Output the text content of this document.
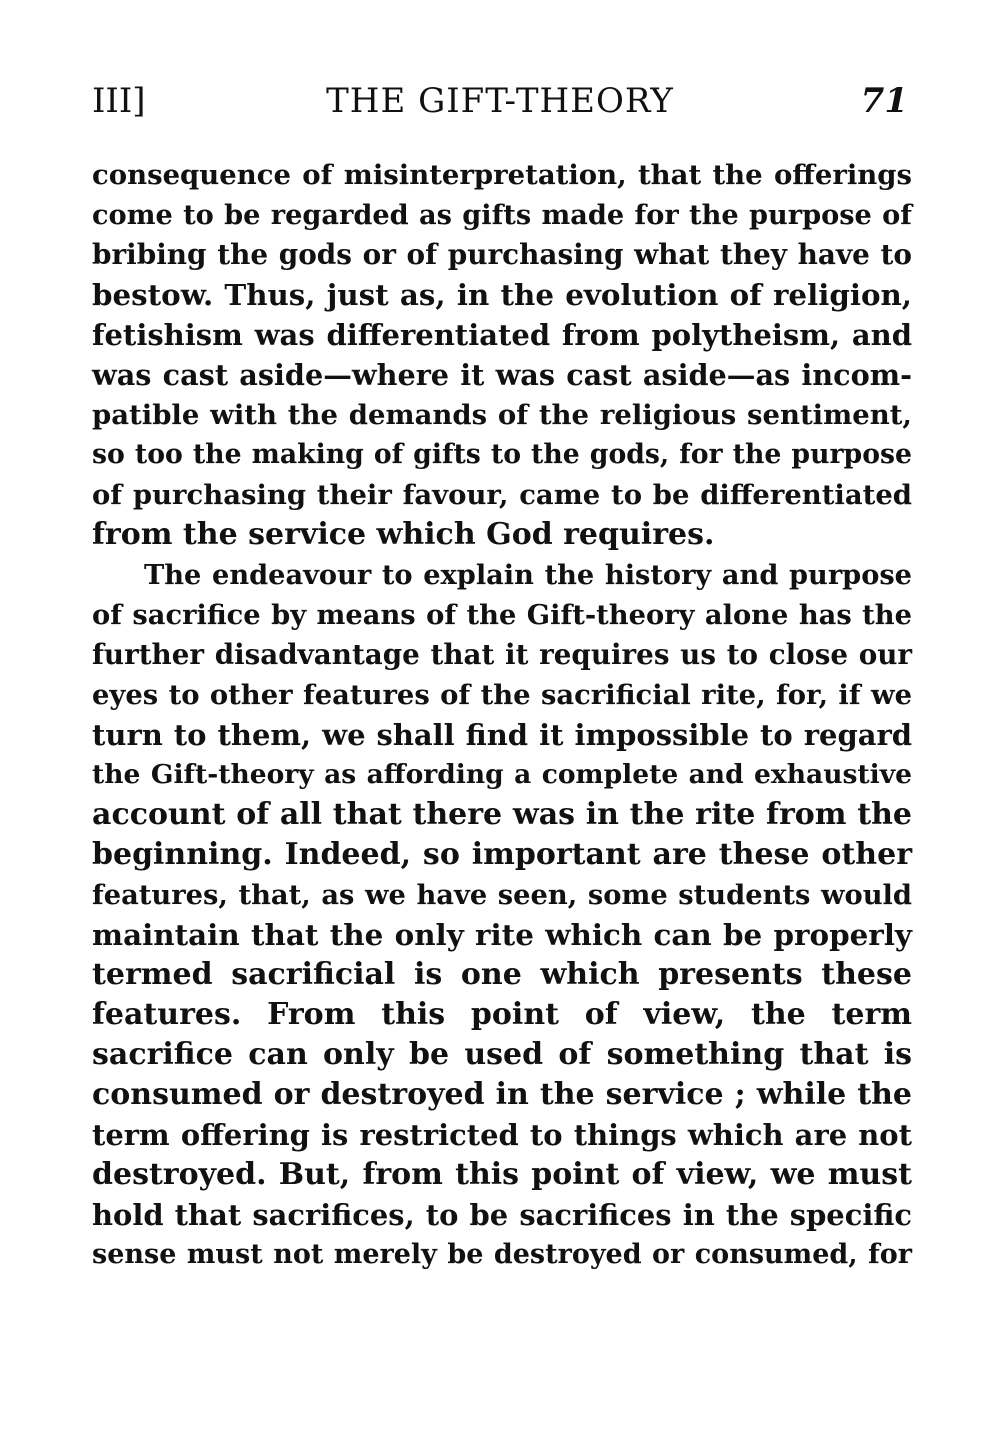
III]	THE GIFT-THEORY	71
consequence of misinterpretation, that the offerings
come to be regarded as gifts made for the purpose of
bribing the gods or of purchasing what they have to
bestow. Thus, just as, in the evolution of religion,
fetishism was differentiated from polytheism, and
was cast aside—where it was cast aside—as incom-
patible with the demands of the religious sentiment,
so too the making of gifts to the gods, for the purpose
of purchasing their favour, came to be differentiated
from the service which God requires.
The endeavour to explain the history and purpose
of sacrifice by means of the Gift-theory alone has the
further disadvantage that it requires us to close our
eyes to other features of the sacrificial rite, for, if we
turn to them, we shall find it impossible to regard
the Gift-theory as affording a complete and exhaustive
account of all that there was in the rite from the
beginning. Indeed, so important are these other
features, that, as we have seen, some students would
maintain that the only rite which can be properly
termed sacrificial is one which presents these
features. From this point of view, the term
sacrifice can only be used of something that is
consumed or destroyed in the service ; while the
term offering is restricted to things which are not
destroyed. But, from this point of view, we must
hold that sacrifices, to be sacrifices in the specific
sense must not merely be destroyed or consumed, for
